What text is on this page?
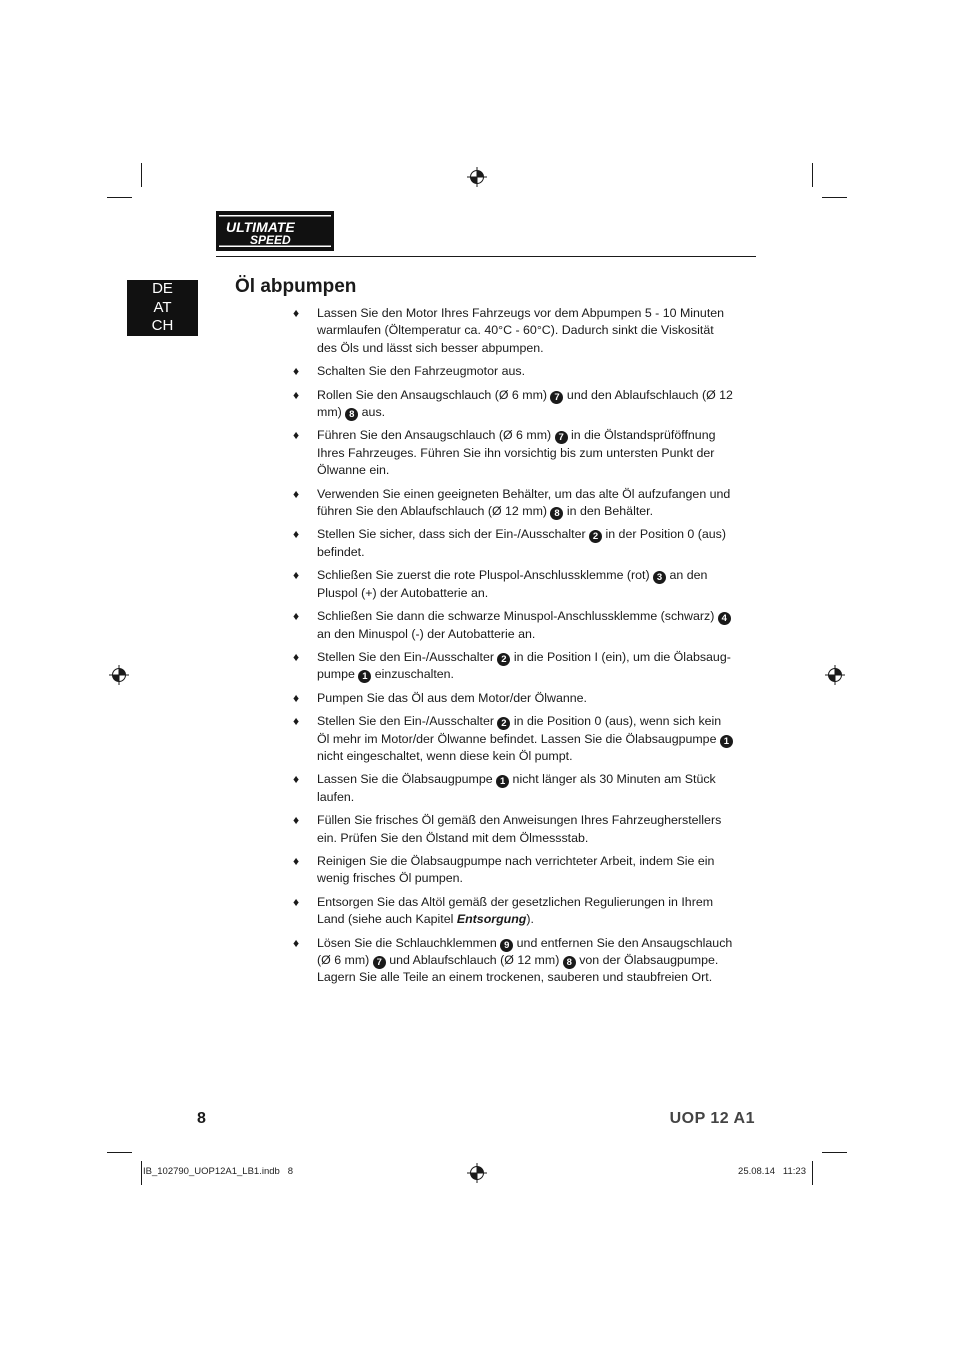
ULTIMATE
SPEED
DE
AT
CH
Öl abpumpen
♦ Lassen Sie den Motor Ihres Fahrzeugs vor dem Abpumpen 5 - 10 Minuten warmlaufen (Öltemperatur ca. 40°C - 60°C). Dadurch sinkt die Viskosität des Öls und lässt sich besser abpumpen.
♦ Schalten Sie den Fahrzeugmotor aus.
♦ Rollen Sie den Ansaugschlauch (Ø 6 mm) 7 und den Ablaufschlauch (Ø 12 mm) 8 aus.
♦ Führen Sie den Ansaugschlauch (Ø 6 mm) 7 in die Ölstandsprüföffnung Ihres Fahrzeuges. Führen Sie ihn vorsichtig bis zum untersten Punkt der Ölwanne ein.
♦ Verwenden Sie einen geeigneten Behälter, um das alte Öl aufzufangen und führen Sie den Ablaufschlauch (Ø 12 mm) 8 in den Behälter.
♦ Stellen Sie sicher, dass sich der Ein-/Ausschalter 2 in der Position 0 (aus) befindet.
♦ Schließen Sie zuerst die rote Pluspol-Anschlussklemme (rot) 3 an den Pluspol (+) der Autobatterie an.
♦ Schließen Sie dann die schwarze Minuspol-Anschlussklemme (schwarz) 4 an den Minuspol (-) der Autobatterie an.
♦ Stellen Sie den Ein-/Ausschalter 2 in die Position I (ein), um die Ölabsaug-pumpe 1 einzuschalten.
♦ Pumpen Sie das Öl aus dem Motor/der Ölwanne.
♦ Stellen Sie den Ein-/Ausschalter 2 in die Position 0 (aus), wenn sich kein Öl mehr im Motor/der Ölwanne befindet. Lassen Sie die Ölabsaugpumpe 1 nicht eingeschaltet, wenn diese kein Öl pumpt.
♦ Lassen Sie die Ölabsaugpumpe 1 nicht länger als 30 Minuten am Stück laufen.
♦ Füllen Sie frisches Öl gemäß den Anweisungen Ihres Fahrzeugherstellers ein. Prüfen Sie den Ölstand mit dem Ölmessstab.
♦ Reinigen Sie die Ölabsaugpumpe nach verrichteter Arbeit, indem Sie ein wenig frisches Öl pumpen.
♦ Entsorgen Sie das Altöl gemäß der gesetzlichen Regulierungen in Ihrem Land (siehe auch Kapitel Entsorgung).
♦ Lösen Sie die Schlauchklemmen 9 und entfernen Sie den Ansaugschlauch (Ø 6 mm) 7 und Ablaufschlauch (Ø 12 mm) 8 von der Ölabsaugpumpe. Lagern Sie alle Teile an einem trockenen, sauberen und staubfreien Ort.
8	UOP 12 A1
IB_102790_UOP12A1_LB1.indb   8	25.08.14   11:23
